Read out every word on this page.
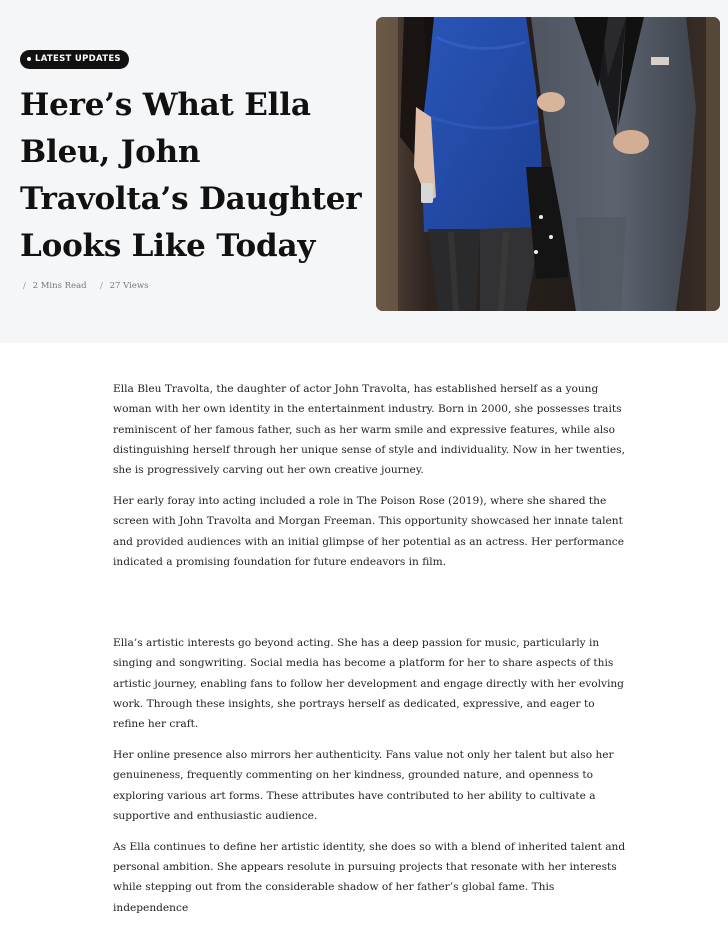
LATEST UPDATES
Here’s What Ella Bleu, John Travolta’s Daughter Looks Like Today
/ 2 Mins Read / 27 Views

Ella Bleu Travolta, the daughter of actor John Travolta, has established herself as a young woman with her own identity in the entertainment industry. Born in 2000, she possesses traits reminiscent of her famous father, such as her warm smile and expressive features, while also distinguishing herself through her unique sense of style and individuality. Now in her twenties, she is progressively carving out her own creative journey.

Her early foray into acting included a role in The Poison Rose (2019), where she shared the screen with John Travolta and Morgan Freeman. This opportunity showcased her innate talent and provided audiences with an initial glimpse of her potential as an actress. Her performance indicated a promising foundation for future endeavors in film.

Ella’s artistic interests go beyond acting. She has a deep passion for music, particularly in singing and songwriting. Social media has become a platform for her to share aspects of this artistic journey, enabling fans to follow her development and engage directly with her evolving work. Through these insights, she portrays herself as dedicated, expressive, and eager to refine her craft.

Her online presence also mirrors her authenticity. Fans value not only her talent but also her genuineness, frequently commenting on her kindness, grounded nature, and openness to exploring various art forms. These attributes have contributed to her ability to cultivate a supportive and enthusiastic audience.

As Ella continues to define her artistic identity, she does so with a blend of inherited talent and personal ambition. She appears resolute in pursuing projects that resonate with her interests while stepping out from the considerable shadow of her father’s global fame. This independence
